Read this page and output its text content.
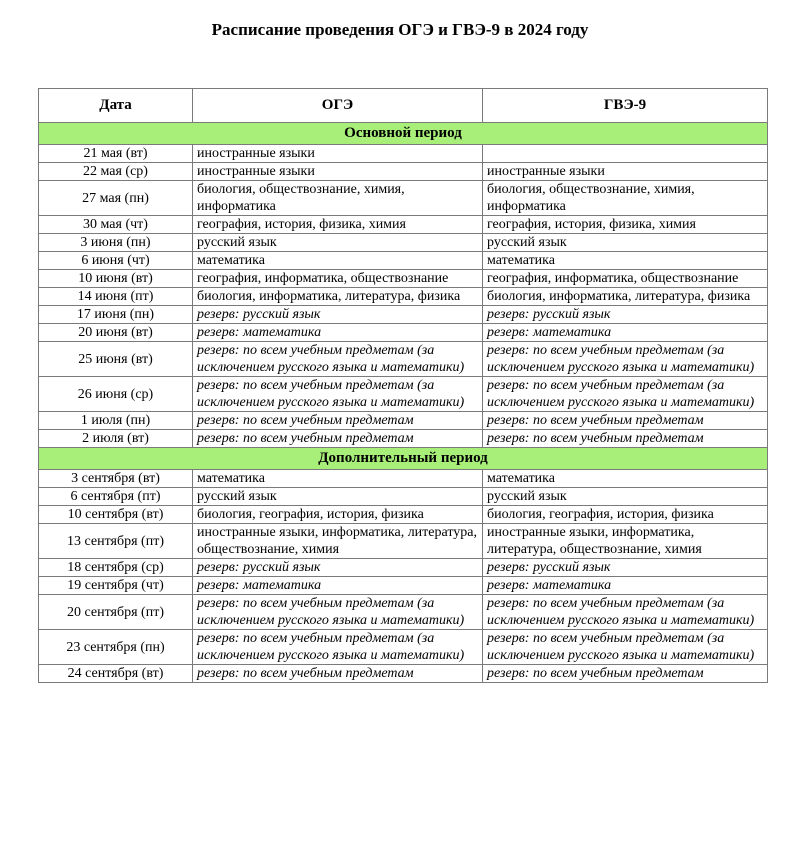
Расписание проведения ОГЭ и ГВЭ-9 в 2024 году
Дата	ОГЭ	ГВЭ-9
Основной период		
21 мая (вт)	иностранные языки	
22 мая (ср)	иностранные языки	иностранные языки
27 мая (пн)	биология, обществознание, химия, информатика	биология, обществознание, химия, информатика
30 мая (чт)	география, история, физика, химия	география, история, физика, химия
3 июня (пн)	русский язык	русский язык
6 июня (чт)	математика	математика
10 июня (вт)	география, информатика, обществознание	география, информатика, обществознание
14 июня (пт)	биология, информатика, литература, физика	биология, информатика, литература, физика
17 июня (пн)	резерв: русский язык	резерв: русский язык
20 июня (вт)	резерв: математика	резерв: математика
25 июня (вт)	резерв: по всем учебным предметам (за исключением русского языка и математики)	резерв: по всем учебным предметам (за исключением русского языка и математики)
26 июня (ср)	резерв: по всем учебным предметам (за исключением русского языка и математики)	резерв: по всем учебным предметам (за исключением русского языка и математики)
1 июля (пн)	резерв: по всем учебным предметам	резерв: по всем учебным предметам
2 июля (вт)	резерв: по всем учебным предметам	резерв: по всем учебным предметам
Дополнительный период		
3 сентября (вт)	математика	математика
6 сентября (пт)	русский язык	русский язык
10 сентября (вт)	биология, география, история, физика	биология, география, история, физика
13 сентября (пт)	иностранные языки, информатика, литература, обществознание, химия	иностранные языки, информатика, литература, обществознание, химия
18 сентября (ср)	резерв: русский язык	резерв: русский язык
19 сентября (чт)	резерв: математика	резерв: математика
20 сентября (пт)	резерв: по всем учебным предметам (за исключением русского языка и математики)	резерв: по всем учебным предметам (за исключением русского языка и математики)
23 сентября (пн)	резерв: по всем учебным предметам (за исключением русского языка и математики)	резерв: по всем учебным предметам (за исключением русского языка и математики)
24 сентября (вт)	резерв: по всем учебным предметам	резерв: по всем учебным предметам
